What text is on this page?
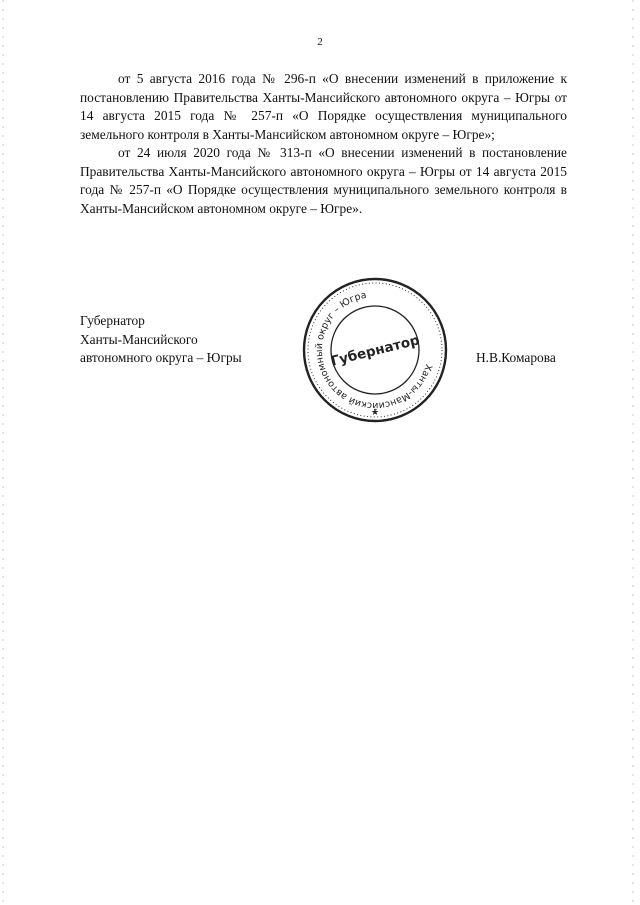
2

от 5 августа 2016 года № 296-п «О внесении изменений в приложение к постановлению Правительства Ханты-Мансийского автономного округа – Югры от 14 августа 2015 года № 257-п «О Порядке осуществления муниципального земельного контроля в Ханты-Мансийском автономном округе – Югре»;

от 24 июля 2020 года № 313-п «О внесении изменений в постановление Правительства Ханты-Мансийского автономного округа – Югры от 14 августа 2015 года № 257-п «О Порядке осуществления муниципального земельного контроля в Ханты-Мансийском автономном округе – Югре».

Губернатор
Ханты-Мансийского
автономного округа – Югры
Ханты-Мансийский автономный округ – Югра
Губернатор
★
Н.В.Комарова
